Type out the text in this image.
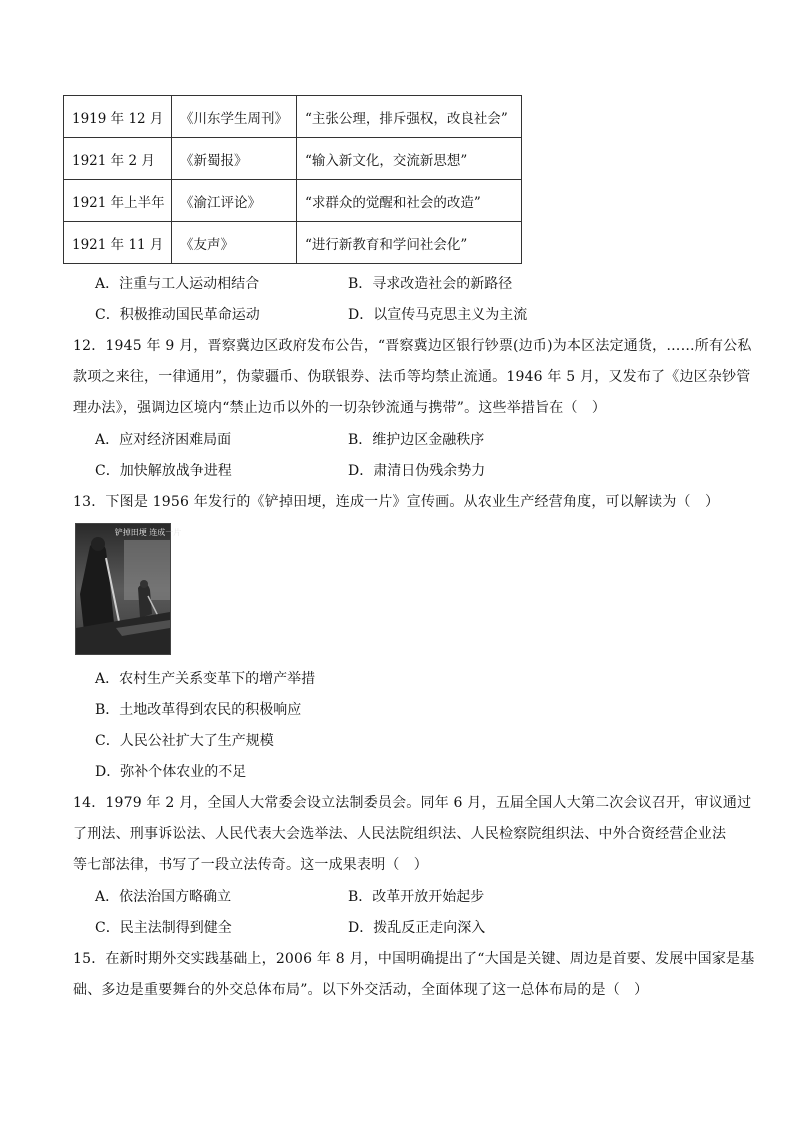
1919 年 12 月	《川东学生周刊》	“主张公理，排斥强权，改良社会”
1921 年 2 月	《新蜀报》	“输入新文化，交流新思想”
1921 年上半年	《渝江评论》	“求群众的觉醒和社会的改造”
1921 年 11 月	《友声》	“进行新教育和学问社会化”
A．注重与工人运动相结合	B．寻求改造社会的新路径
C．积极推动国民革命运动	D．以宣传马克思主义为主流
12．1945 年 9 月，晋察冀边区政府发布公告，“晋察冀边区银行钞票(边币)为本区法定通货，……所有公私
款项之来往，一律通用”，伪蒙疆币、伪联银券、法币等均禁止流通。1946 年 5 月，又发布了《边区杂钞管
理办法》，强调边区境内“禁止边币以外的一切杂钞流通与携带”。这些举措旨在（　）
A．应对经济困难局面	B．维护边区金融秩序
C．加快解放战争进程	D．肃清日伪残余势力
13．下图是 1956 年发行的《铲掉田埂，连成一片》宣传画。从农业生产经营角度，可以解读为（　）
铲掉田埂 连成一片
A．农村生产关系变革下的增产举措
B．土地改革得到农民的积极响应
C．人民公社扩大了生产规模
D．弥补个体农业的不足
14．1979 年 2 月，全国人大常委会设立法制委员会。同年 6 月，五届全国人大第二次会议召开，审议通过
了刑法、刑事诉讼法、人民代表大会选举法、人民法院组织法、人民检察院组织法、中外合资经营企业法
等七部法律，书写了一段立法传奇。这一成果表明（　）
A．依法治国方略确立	B．改革开放开始起步
C．民主法制得到健全	D．拨乱反正走向深入
15．在新时期外交实践基础上，2006 年 8 月，中国明确提出了“大国是关键、周边是首要、发展中国家是基
础、多边是重要舞台的外交总体布局”。以下外交活动，全面体现了这一总体布局的是（　）
